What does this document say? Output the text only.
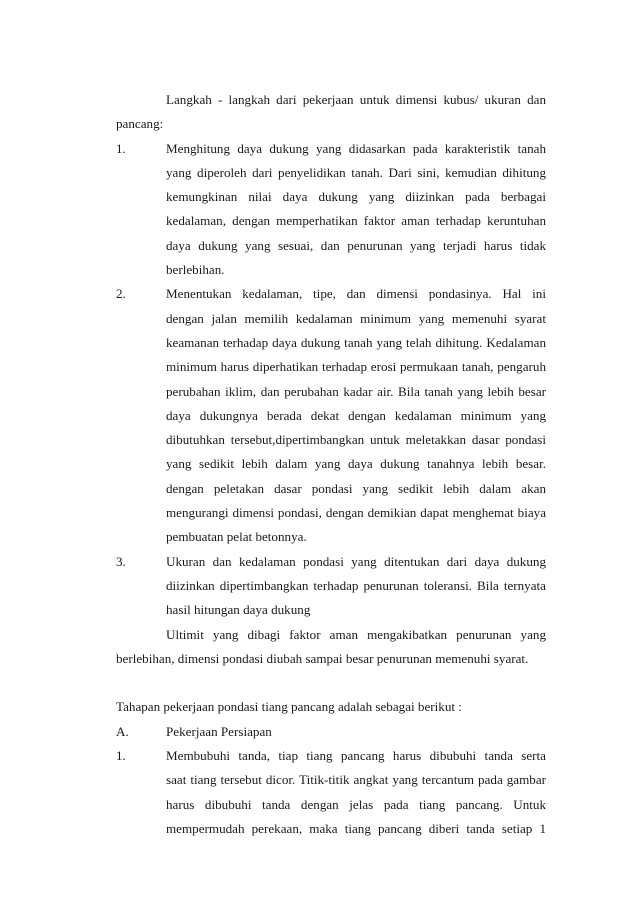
Langkah - langkah dari pekerjaan untuk dimensi kubus/ ukuran dan
pancang:
1.	Menghitung daya dukung yang didasarkan pada karakteristik tanah
yang diperoleh dari penyelidikan tanah. Dari sini, kemudian dihitung
kemungkinan nilai daya dukung yang diizinkan pada berbagai
kedalaman, dengan memperhatikan faktor aman terhadap keruntuhan
daya dukung yang sesuai, dan penurunan yang terjadi harus tidak
berlebihan.
2.	Menentukan kedalaman, tipe, dan dimensi pondasinya. Hal ini
dengan jalan memilih kedalaman minimum yang memenuhi syarat
keamanan terhadap daya dukung tanah yang telah dihitung. Kedalaman
minimum harus diperhatikan terhadap erosi permukaan tanah, pengaruh
perubahan iklim, dan perubahan kadar air. Bila tanah yang lebih besar
daya dukungnya berada dekat dengan kedalaman minimum yang
dibutuhkan tersebut,dipertimbangkan untuk meletakkan dasar pondasi
yang sedikit lebih dalam yang daya dukung tanahnya lebih besar.
dengan peletakan dasar pondasi yang sedikit lebih dalam akan
mengurangi dimensi pondasi, dengan demikian dapat menghemat biaya
pembuatan pelat betonnya.
3.	Ukuran dan kedalaman pondasi yang ditentukan dari daya dukung
diizinkan dipertimbangkan terhadap penurunan toleransi. Bila ternyata
hasil hitungan daya dukung
Ultimit yang dibagi faktor aman mengakibatkan penurunan yang
berlebihan, dimensi pondasi diubah sampai besar penurunan memenuhi syarat.
Tahapan pekerjaan pondasi tiang pancang adalah sebagai berikut :
A.	Pekerjaan Persiapan
1.	Membubuhi tanda, tiap tiang pancang harus dibubuhi tanda serta
saat tiang tersebut dicor. Titik-titik angkat yang tercantum pada gambar
harus dibubuhi tanda dengan jelas pada tiang pancang. Untuk
mempermudah perekaan, maka tiang pancang diberi tanda setiap 1
